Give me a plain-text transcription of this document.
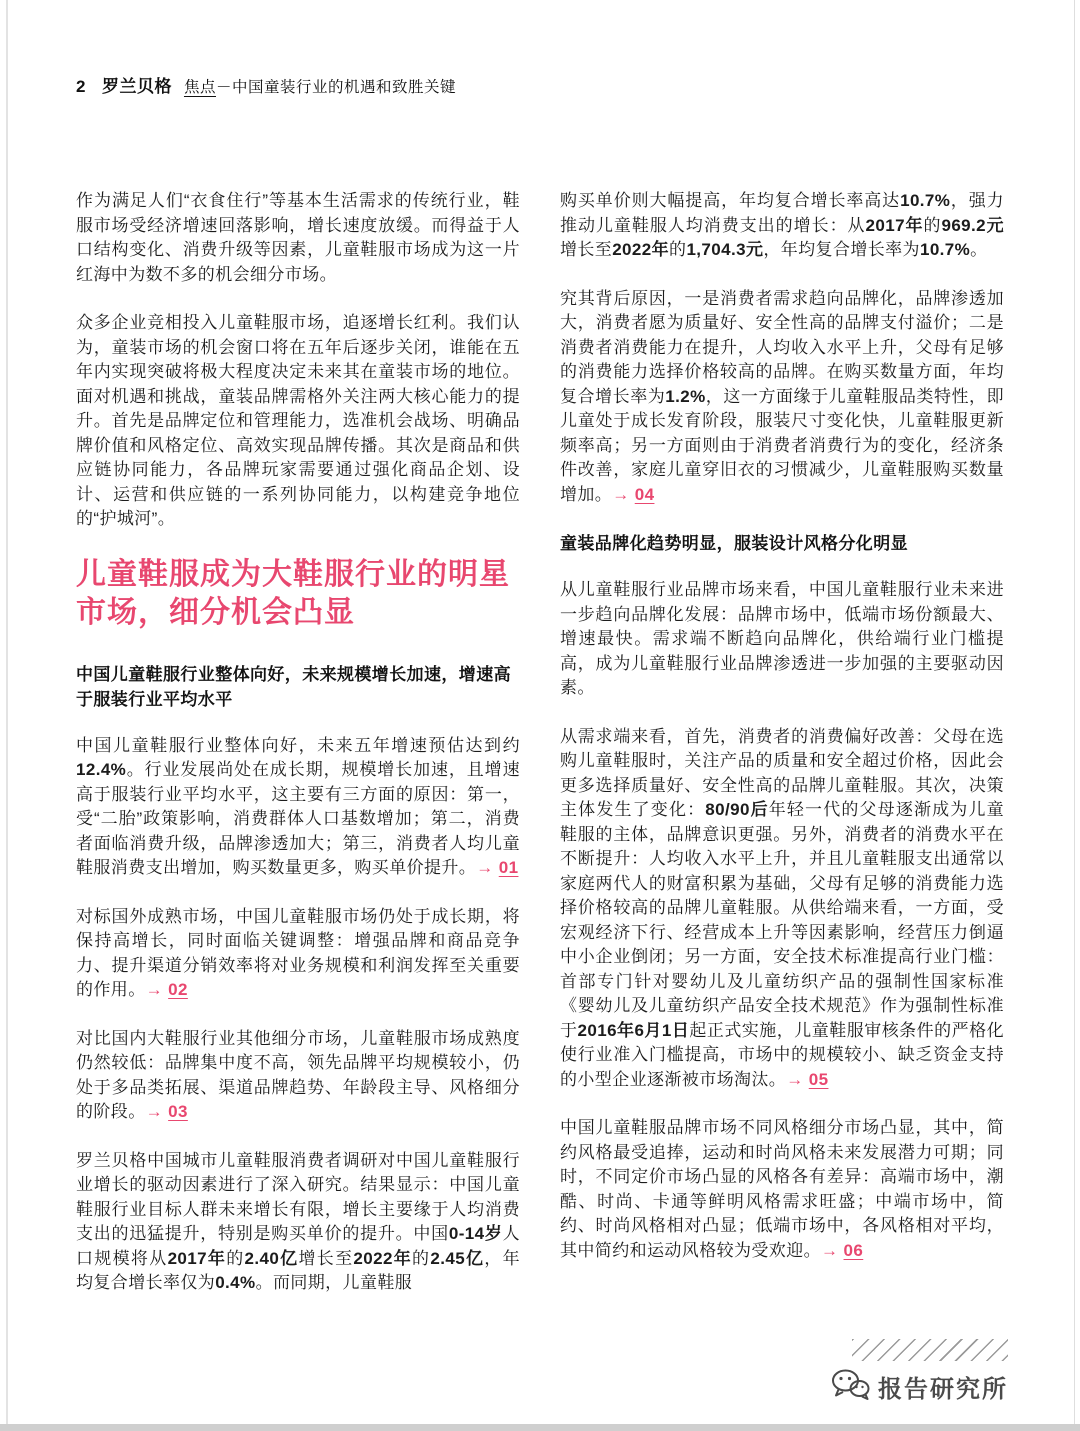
2 罗兰贝格 焦点－中国童装行业的机遇和致胜关键

作为满足人们“衣食住行”等基本生活需求的传统行业，鞋服市场受经济增速回落影响，增长速度放缓。而得益于人口结构变化、消费升级等因素，儿童鞋服市场成为这一片红海中为数不多的机会细分市场。

众多企业竞相投入儿童鞋服市场，追逐增长红利。我们认为，童装市场的机会窗口将在五年后逐步关闭，谁能在五年内实现突破将极大程度决定未来其在童装市场的地位。面对机遇和挑战，童装品牌需格外关注两大核心能力的提升。首先是品牌定位和管理能力，选准机会战场、明确品牌价值和风格定位、高效实现品牌传播。其次是商品和供应链协同能力，各品牌玩家需要通过强化商品企划、设计、运营和供应链的一系列协同能力，以构建竞争地位的“护城河”。

儿童鞋服成为大鞋服行业的明星市场，细分机会凸显
中国儿童鞋服行业整体向好，未来规模增长加速，增速高于服装行业平均水平

中国儿童鞋服行业整体向好，未来五年增速预估达到约12.4%。行业发展尚处在成长期，规模增长加速，且增速高于服装行业平均水平，这主要有三方面的原因：第一，受“二胎”政策影响，消费群体人口基数增加；第二，消费者面临消费升级，品牌渗透加大；第三，消费者人均儿童鞋服消费支出增加，购买数量更多，购买单价提升。→ 01

对标国外成熟市场，中国儿童鞋服市场仍处于成长期，将保持高增长，同时面临关键调整：增强品牌和商品竞争力、提升渠道分销效率将对业务规模和利润发挥至关重要的作用。→ 02

对比国内大鞋服行业其他细分市场，儿童鞋服市场成熟度仍然较低：品牌集中度不高，领先品牌平均规模较小，仍处于多品类拓展、渠道品牌趋势、年龄段主导、风格细分的阶段。→ 03

罗兰贝格中国城市儿童鞋服消费者调研对中国儿童鞋服行业增长的驱动因素进行了深入研究。结果显示：中国儿童鞋服行业目标人群未来增长有限，增长主要缘于人均消费支出的迅猛提升，特别是购买单价的提升。中国0-14岁人口规模将从2017年的2.40亿增长至2022年的2.45亿，年均复合增长率仅为0.4%。而同期，儿童鞋服

购买单价则大幅提高，年均复合增长率高达10.7%，强力推动儿童鞋服人均消费支出的增长：从2017年的969.2元增长至2022年的1,704.3元，年均复合增长率为10.7%。

究其背后原因，一是消费者需求趋向品牌化，品牌渗透加大，消费者愿为质量好、安全性高的品牌支付溢价；二是消费者消费能力在提升，人均收入水平上升，父母有足够的消费能力选择价格较高的品牌。在购买数量方面，年均复合增长率为1.2%，这一方面缘于儿童鞋服品类特性，即儿童处于成长发育阶段，服装尺寸变化快，儿童鞋服更新频率高；另一方面则由于消费者消费行为的变化，经济条件改善，家庭儿童穿旧衣的习惯减少，儿童鞋服购买数量增加。→ 04

童装品牌化趋势明显，服装设计风格分化明显

从儿童鞋服行业品牌市场来看，中国儿童鞋服行业未来进一步趋向品牌化发展：品牌市场中，低端市场份额最大、增速最快。需求端不断趋向品牌化，供给端行业门槛提高，成为儿童鞋服行业品牌渗透进一步加强的主要驱动因素。

从需求端来看，首先，消费者的消费偏好改善：父母在选购儿童鞋服时，关注产品的质量和安全超过价格，因此会更多选择质量好、安全性高的品牌儿童鞋服。其次，决策主体发生了变化：80/90后年轻一代的父母逐渐成为儿童鞋服的主体，品牌意识更强。另外，消费者的消费水平在不断提升：人均收入水平上升，并且儿童鞋服支出通常以家庭两代人的财富积累为基础，父母有足够的消费能力选择价格较高的品牌儿童鞋服。从供给端来看，一方面，受宏观经济下行、经营成本上升等因素影响，经营压力倒逼中小企业倒闭；另一方面，安全技术标准提高行业门槛：首部专门针对婴幼儿及儿童纺织产品的强制性国家标准《婴幼儿及儿童纺织产品安全技术规范》作为强制性标准于2016年6月1日起正式实施，儿童鞋服审核条件的严格化使行业准入门槛提高，市场中的规模较小、缺乏资金支持的小型企业逐渐被市场淘汰。→ 05

中国儿童鞋服品牌市场不同风格细分市场凸显，其中，简约风格最受追捧，运动和时尚风格未来发展潜力可期；同时，不同定价市场凸显的风格各有差异：高端市场中，潮酷、时尚、卡通等鲜明风格需求旺盛；中端市场中，简约、时尚风格相对凸显；低端市场中，各风格相对平均，其中简约和运动风格较为受欢迎。→ 06

报告研究所
